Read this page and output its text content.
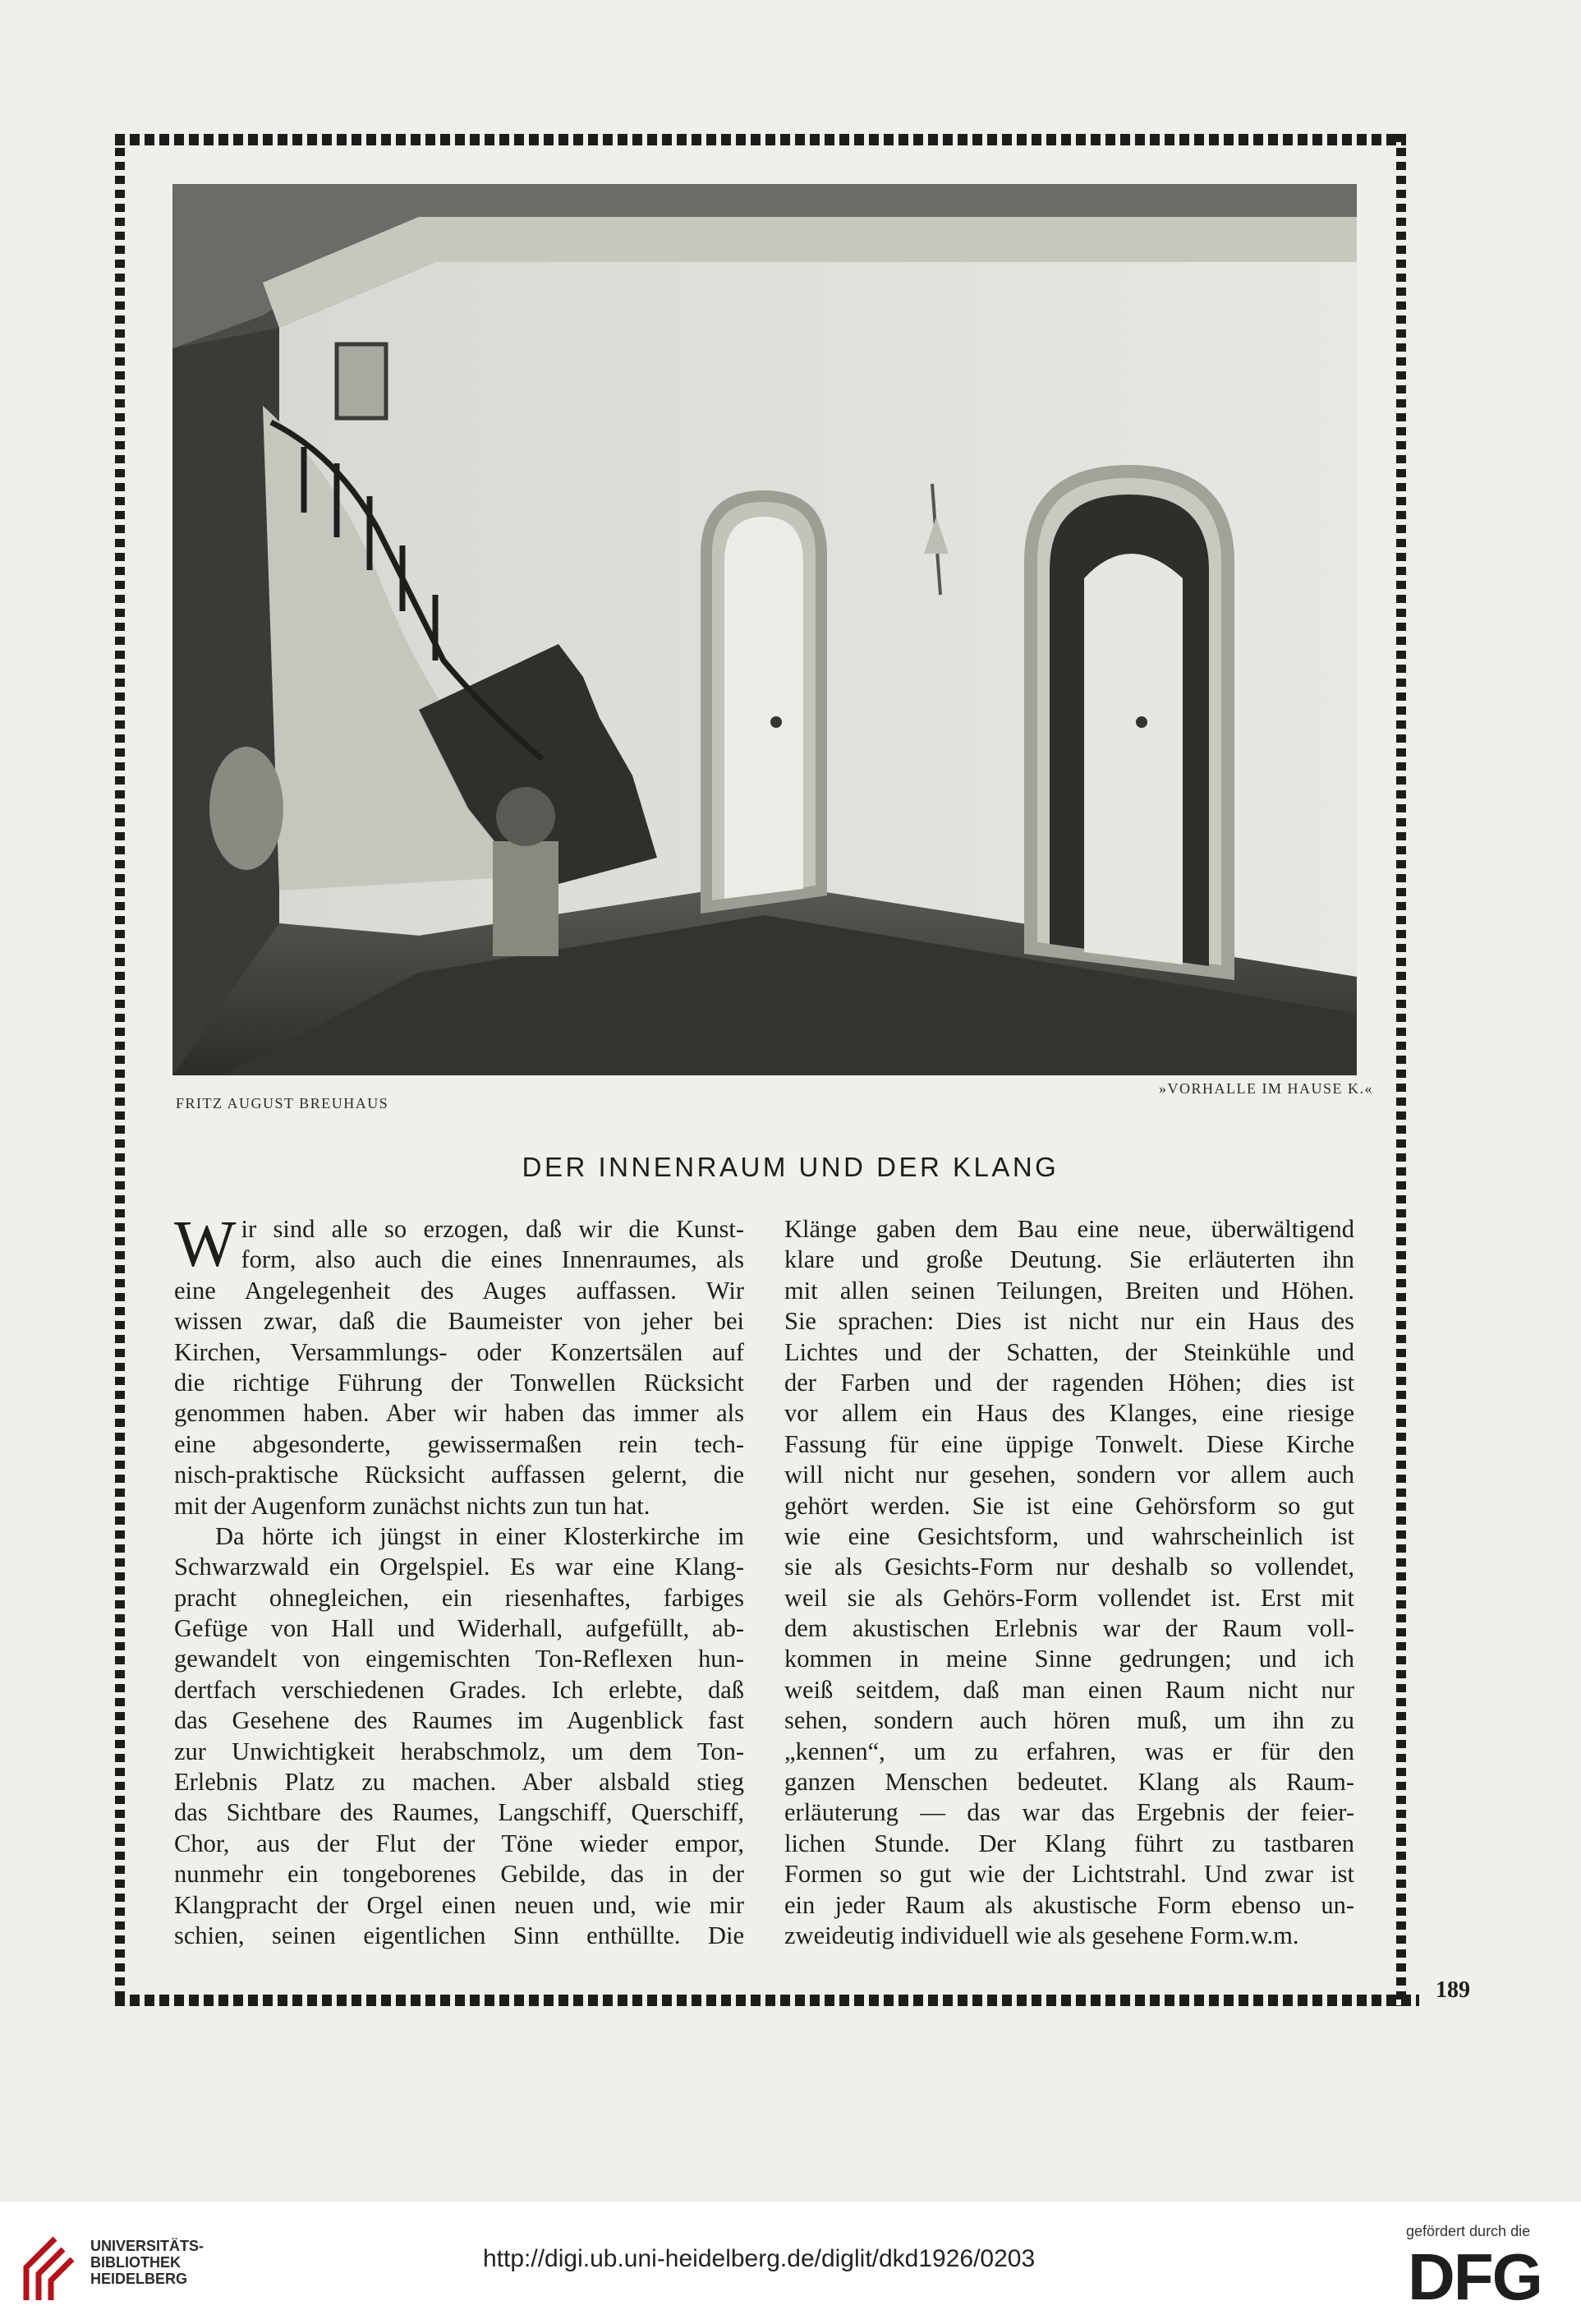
FRITZ AUGUST BREUHAUS
»VORHALLE IM HAUSE K.«
DER INNENRAUM UND DER KLANG
W ir sind alle so erzogen, daß wir die Kunst-
form, also auch die eines Innenraumes, als
eine Angelegenheit des Auges auffassen. Wir
wissen zwar, daß die Baumeister von jeher bei
Kirchen, Versammlungs- oder Konzertsälen auf
die richtige Führung der Tonwellen Rücksicht
genommen haben. Aber wir haben das immer als
eine abgesonderte, gewissermaßen rein tech-
nisch-praktische Rücksicht auffassen gelernt, die
mit der Augenform zunächst nichts zun tun hat.
Da hörte ich jüngst in einer Klosterkirche im
Schwarzwald ein Orgelspiel. Es war eine Klang-
pracht ohnegleichen, ein riesenhaftes, farbiges
Gefüge von Hall und Widerhall, aufgefüllt, ab-
gewandelt von eingemischten Ton-Reflexen hun-
dertfach verschiedenen Grades. Ich erlebte, daß
das Gesehene des Raumes im Augenblick fast
zur Unwichtigkeit herabschmolz, um dem Ton-
Erlebnis Platz zu machen. Aber alsbald stieg
das Sichtbare des Raumes, Langschiff, Querschiff,
Chor, aus der Flut der Töne wieder empor,
nunmehr ein tongeborenes Gebilde, das in der
Klangpracht der Orgel einen neuen und, wie mir
schien, seinen eigentlichen Sinn enthüllte. Die
Klänge gaben dem Bau eine neue, überwältigend
klare und große Deutung. Sie erläuterten ihn
mit allen seinen Teilungen, Breiten und Höhen.
Sie sprachen: Dies ist nicht nur ein Haus des
Lichtes und der Schatten, der Steinkühle und
der Farben und der ragenden Höhen; dies ist
vor allem ein Haus des Klanges, eine riesige
Fassung für eine üppige Tonwelt. Diese Kirche
will nicht nur gesehen, sondern vor allem auch
gehört werden. Sie ist eine Gehörsform so gut
wie eine Gesichtsform, und wahrscheinlich ist
sie als Gesichts-Form nur deshalb so vollendet,
weil sie als Gehörs-Form vollendet ist. Erst mit
dem akustischen Erlebnis war der Raum voll-
kommen in meine Sinne gedrungen; und ich
weiß seitdem, daß man einen Raum nicht nur
sehen, sondern auch hören muß, um ihn zu
„kennen“, um zu erfahren, was er für den
ganzen Menschen bedeutet. Klang als Raum-
erläuterung — das war das Ergebnis der feier-
lichen Stunde. Der Klang führt zu tastbaren
Formen so gut wie der Lichtstrahl. Und zwar ist
ein jeder Raum als akustische Form ebenso un-
zweideutig individuell wie als gesehene Form.w.m.
189
UNIVERSITÄTS-
BIBLIOTHEK
HEIDELBERG
http://digi.ub.uni-heidelberg.de/diglit/dkd1926/0203
gefördert durch die
DFG
